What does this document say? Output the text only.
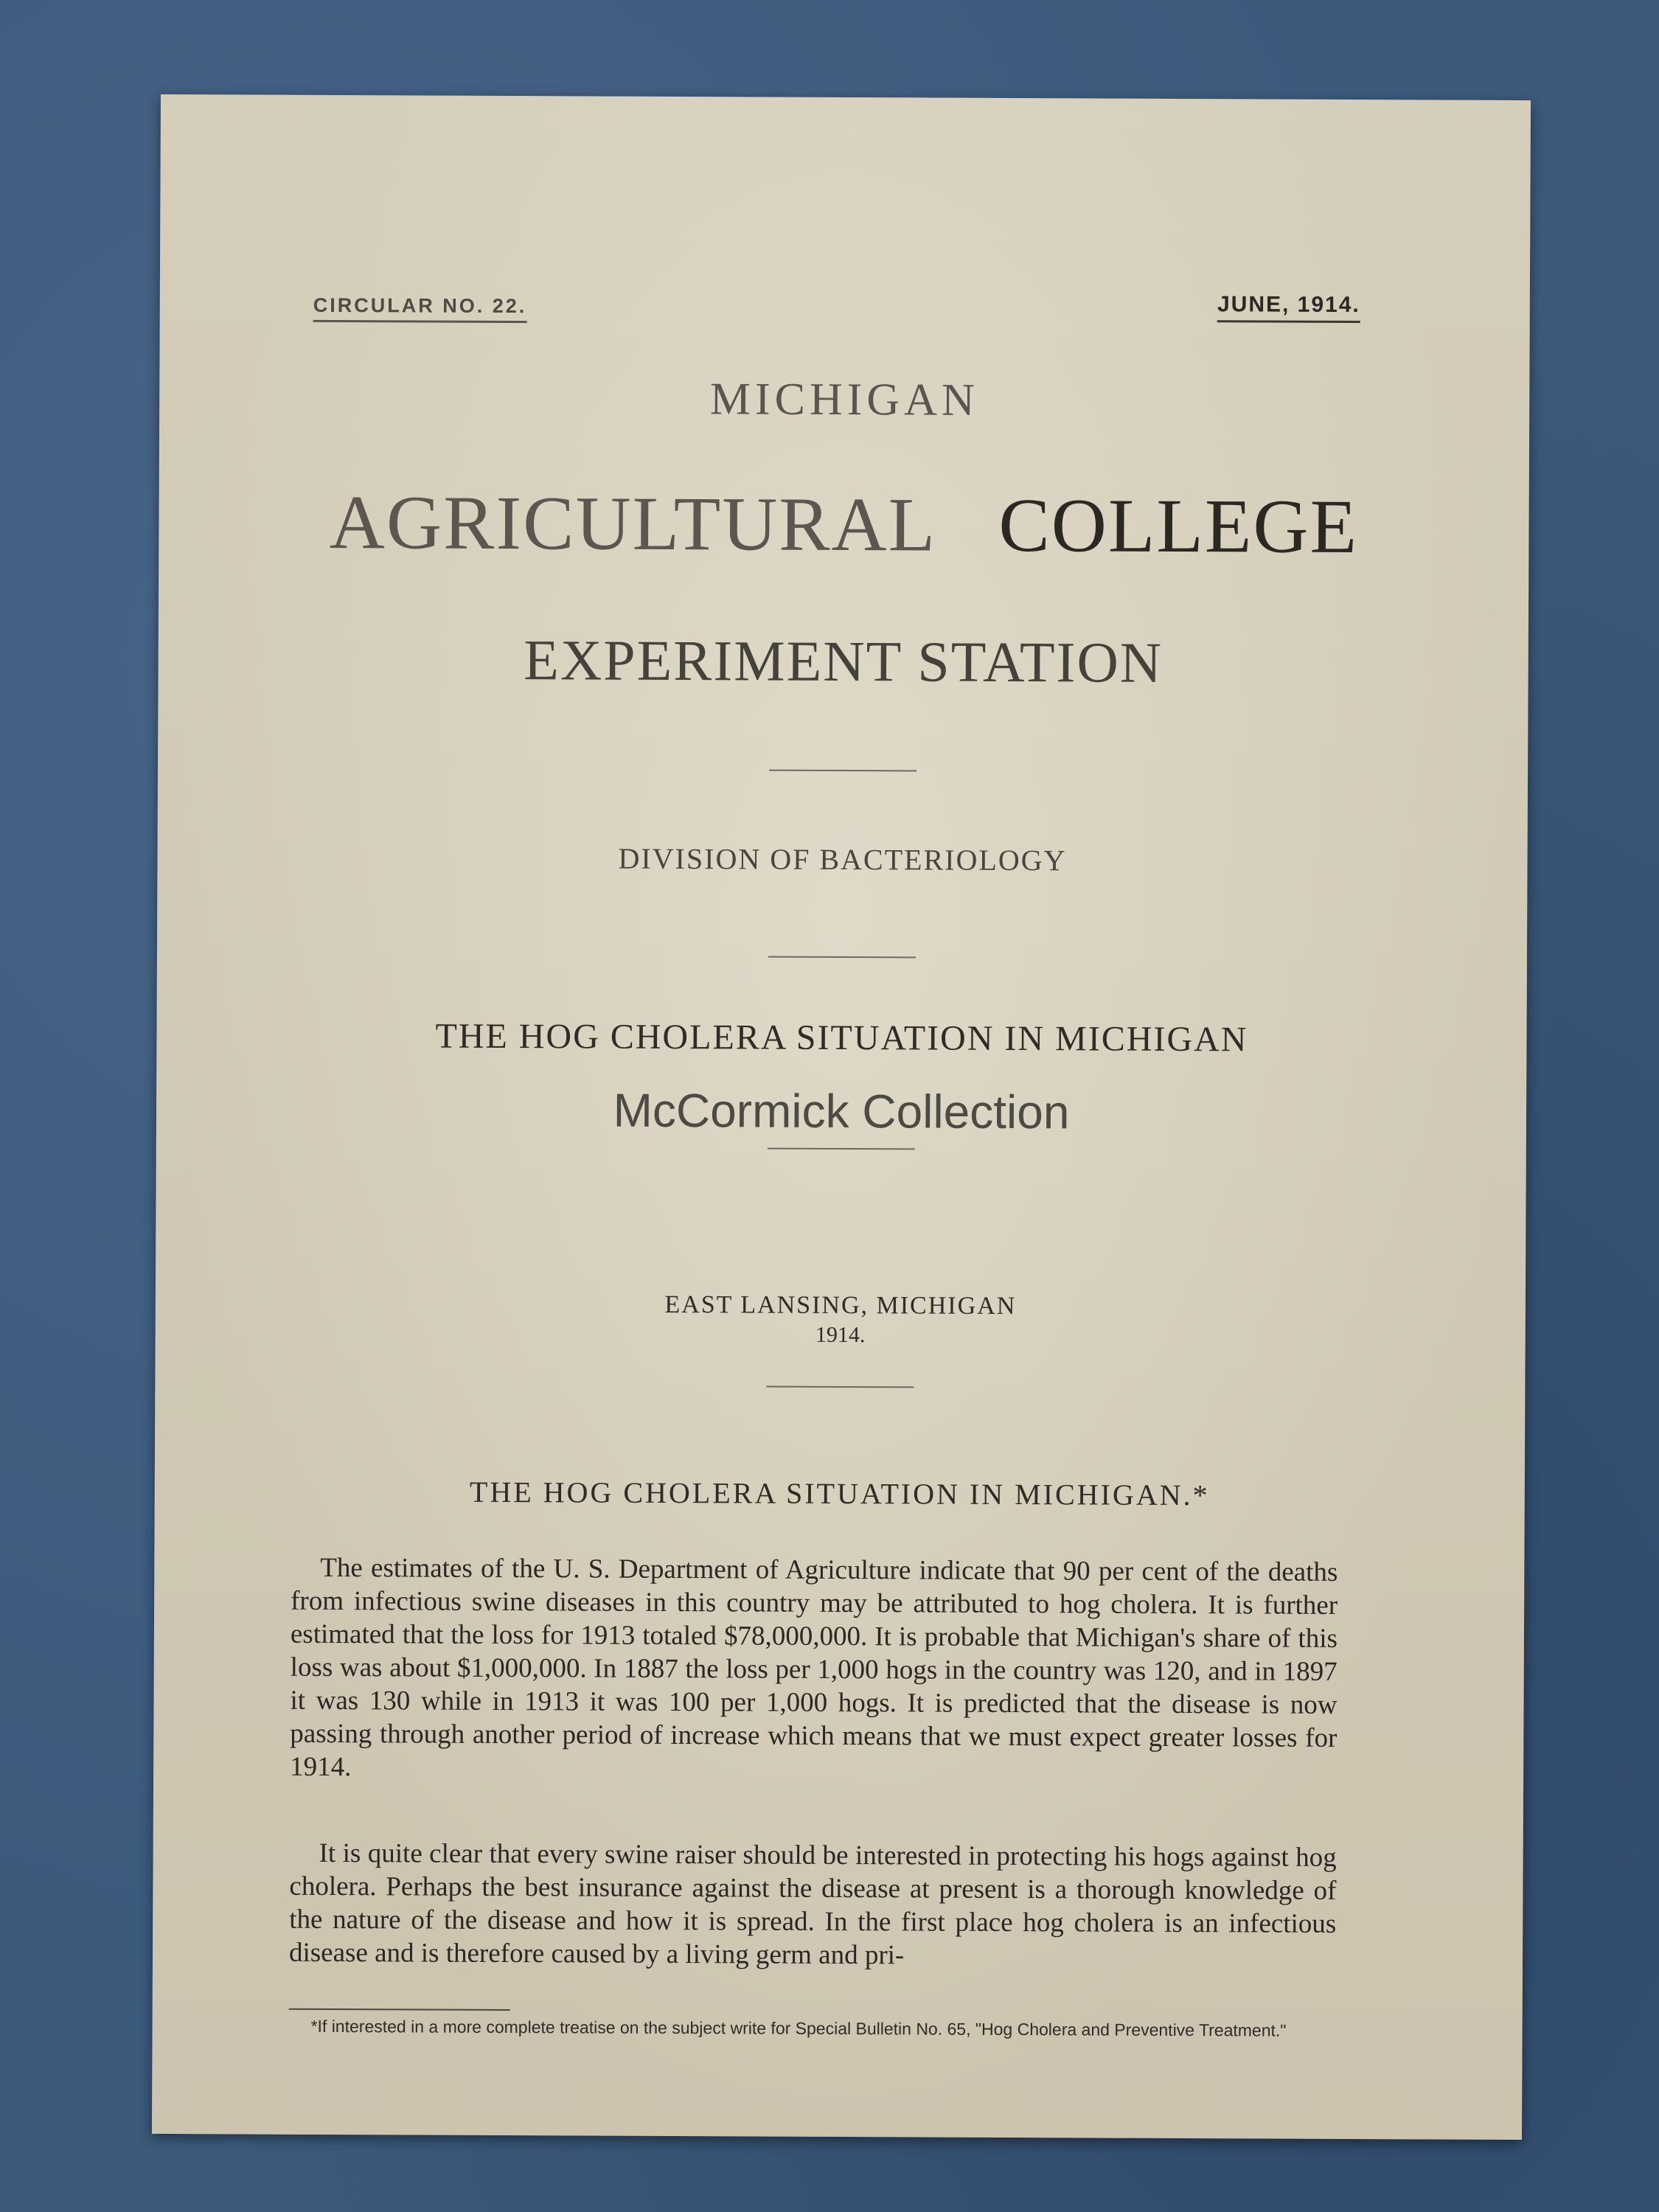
CIRCULAR NO. 22.	JUNE, 1914.
MICHIGAN
AGRICULTURAL COLLEGE
EXPERIMENT STATION
DIVISION OF BACTERIOLOGY
THE HOG CHOLERA SITUATION IN MICHIGAN
McCormick Collection
EAST LANSING, MICHIGAN
1914.
THE HOG CHOLERA SITUATION IN MICHIGAN.*
The estimates of the U. S. Department of Agriculture indicate that 90 per cent of the deaths from infectious swine diseases in this country may be attributed to hog cholera. It is further estimated that the loss for 1913 totaled $78,000,000. It is probable that Michigan's share of this loss was about $1,000,000. In 1887 the loss per 1,000 hogs in the country was 120, and in 1897 it was 130 while in 1913 it was 100 per 1,000 hogs. It is predicted that the disease is now passing through another period of increase which means that we must expect greater losses for 1914.
It is quite clear that every swine raiser should be interested in protecting his hogs against hog cholera. Perhaps the best insurance against the disease at present is a thorough knowledge of the nature of the disease and how it is spread. In the first place hog cholera is an infectious disease and is therefore caused by a living germ and pri-
*If interested in a more complete treatise on the subject write for Special Bulletin No. 65, "Hog Cholera and Preventive Treatment."
